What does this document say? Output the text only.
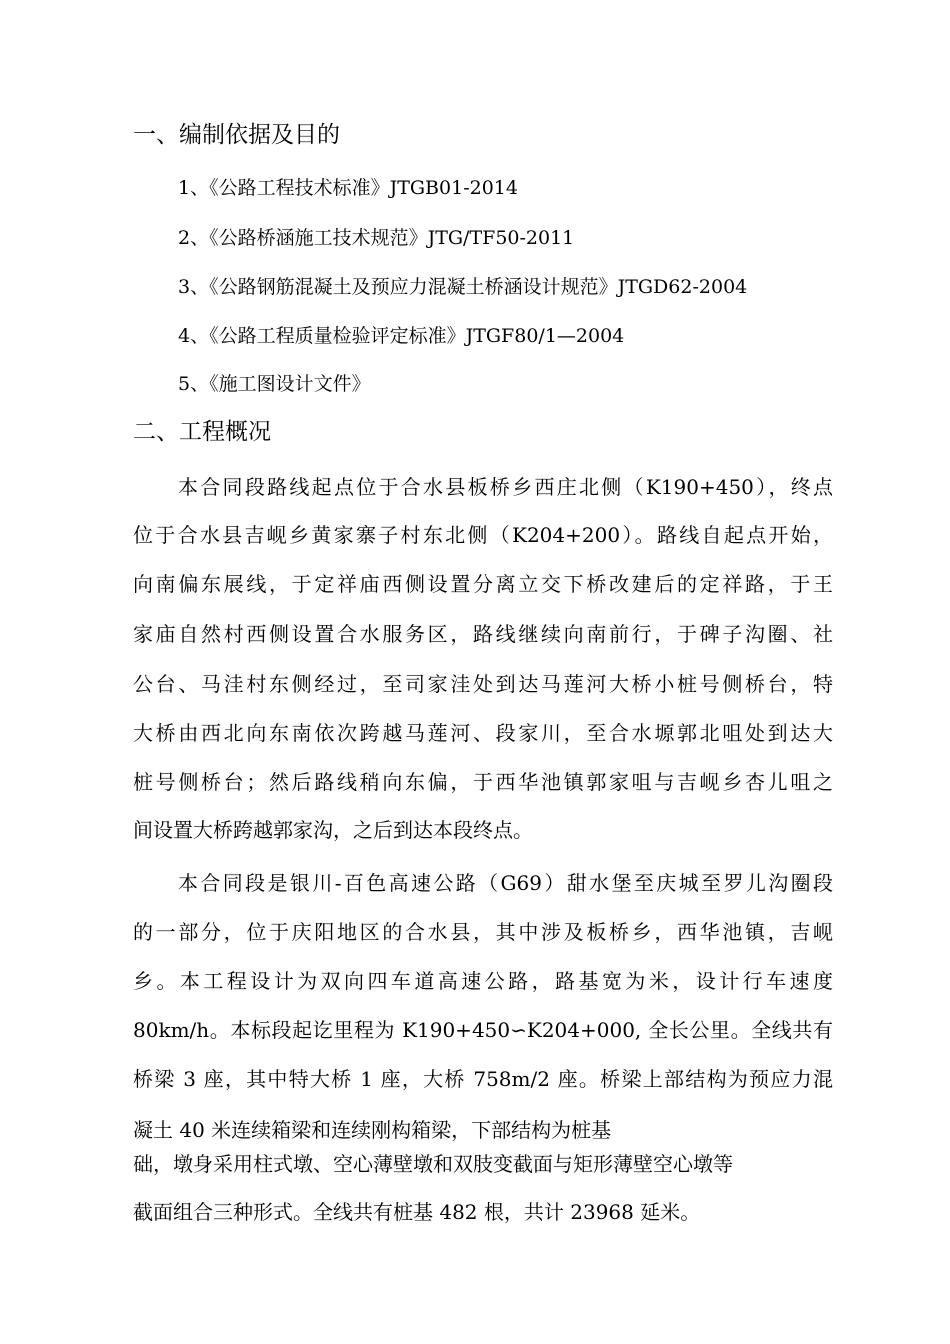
一、编制依据及目的
1、《公路工程技术标准》JTGB01-2014
2、《公路桥涵施工技术规范》JTG/TF50-2011
3、《公路钢筋混凝土及预应力混凝土桥涵设计规范》JTGD62-2004
4、《公路工程质量检验评定标准》JTGF80/1—2004
5、《施工图设计文件》
二、工程概况
本合同段路线起点位于合水县板桥乡西庄北侧（K190+450），终点
位于合水县吉岘乡黄家寨子村东北侧（K204+200）。路线自起点开始，
向南偏东展线，于定祥庙西侧设置分离立交下桥改建后的定祥路，于王
家庙自然村西侧设置合水服务区，路线继续向南前行，于碑子沟圈、社
公台、马洼村东侧经过，至司家洼处到达马莲河大桥小桩号侧桥台，特
大桥由西北向东南依次跨越马莲河、段家川，至合水塬郭北咀处到达大
桩号侧桥台；然后路线稍向东偏，于西华池镇郭家咀与吉岘乡杏儿咀之
间设置大桥跨越郭家沟，之后到达本段终点。
本合同段是银川-百色高速公路（G69）甜水堡至庆城至罗儿沟圈段
的一部分，位于庆阳地区的合水县，其中涉及板桥乡，西华池镇，吉岘
乡。本工程设计为双向四车道高速公路，路基宽为米，设计行车速度
80km/h。本标段起讫里程为 K190+450∽K204+000, 全长公里。全线共有
桥梁 3 座，其中特大桥 1 座，大桥 758m/2 座。桥梁上部结构为预应力混
凝土 40 米连续箱梁和连续刚构箱梁，下部结构为桩基
础，墩身采用柱式墩、空心薄壁墩和双肢变截面与矩形薄壁空心墩等
截面组合三种形式。全线共有桩基 482 根，共计 23968 延米。
